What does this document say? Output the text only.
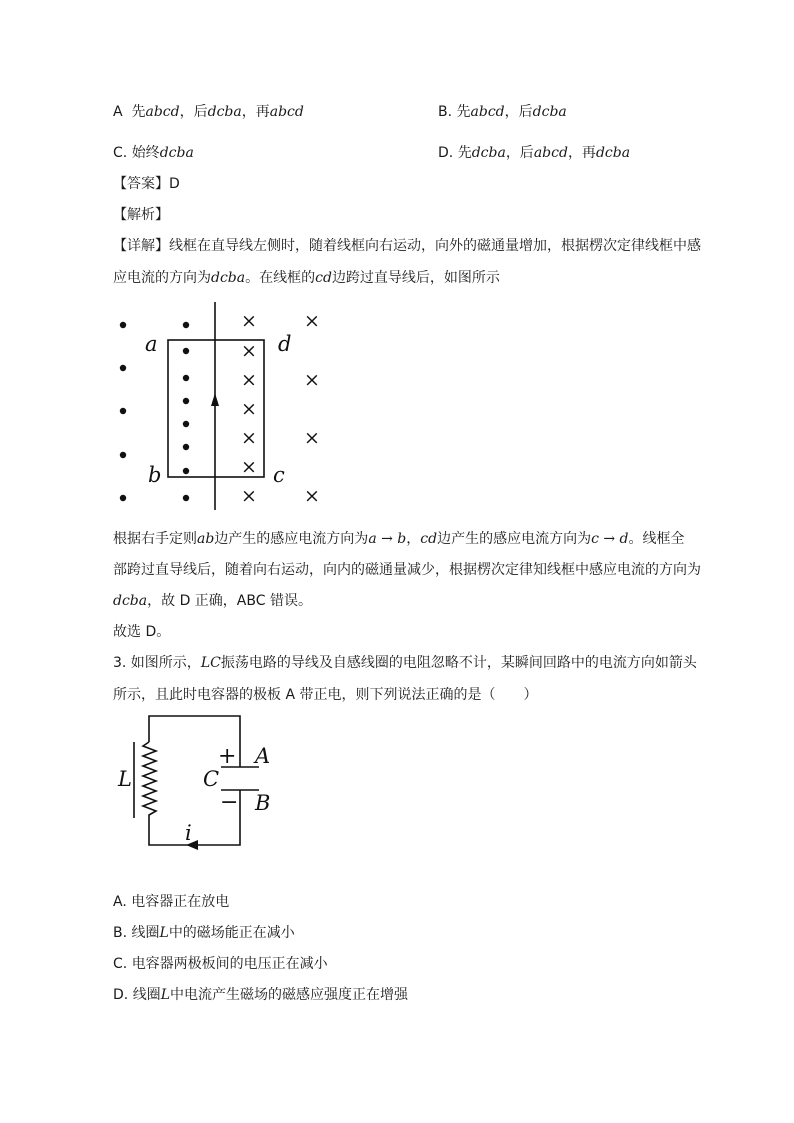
A 先abcd，后dcba，再abcd	B. 先abcd，后dcba
C. 始终dcba	D. 先dcba，后abcd，再dcba
【答案】D
【解析】
【详解】线框在直导线左侧时，随着线框向右运动，向外的磁通量增加，根据楞次定律线框中感
应电流的方向为dcba。在线框的cd边跨过直导线后，如图所示
×
×
×
×
×
×
×
×
×
×
×
a	d
b	c
根据右手定则ab边产生的感应电流方向为a → b，cd边产生的感应电流方向为c → d。线框全
部跨过直导线后，随着向右运动，向内的磁通量减少，根据楞次定律知线框中感应电流的方向为
dcba，故 D 正确，ABC 错误。
故选 D。
3. 如图所示，LC振荡电路的导线及自感线圈的电阻忽略不计，某瞬间回路中的电流方向如箭头
所示，且此时电容器的极板 A 带正电，则下列说法正确的是（　　）
+
−
L	C
A
B
i
A. 电容器正在放电
B. 线圈L中的磁场能正在减小
C. 电容器两极板间的电压正在减小
D. 线圈L中电流产生磁场的磁感应强度正在增强
